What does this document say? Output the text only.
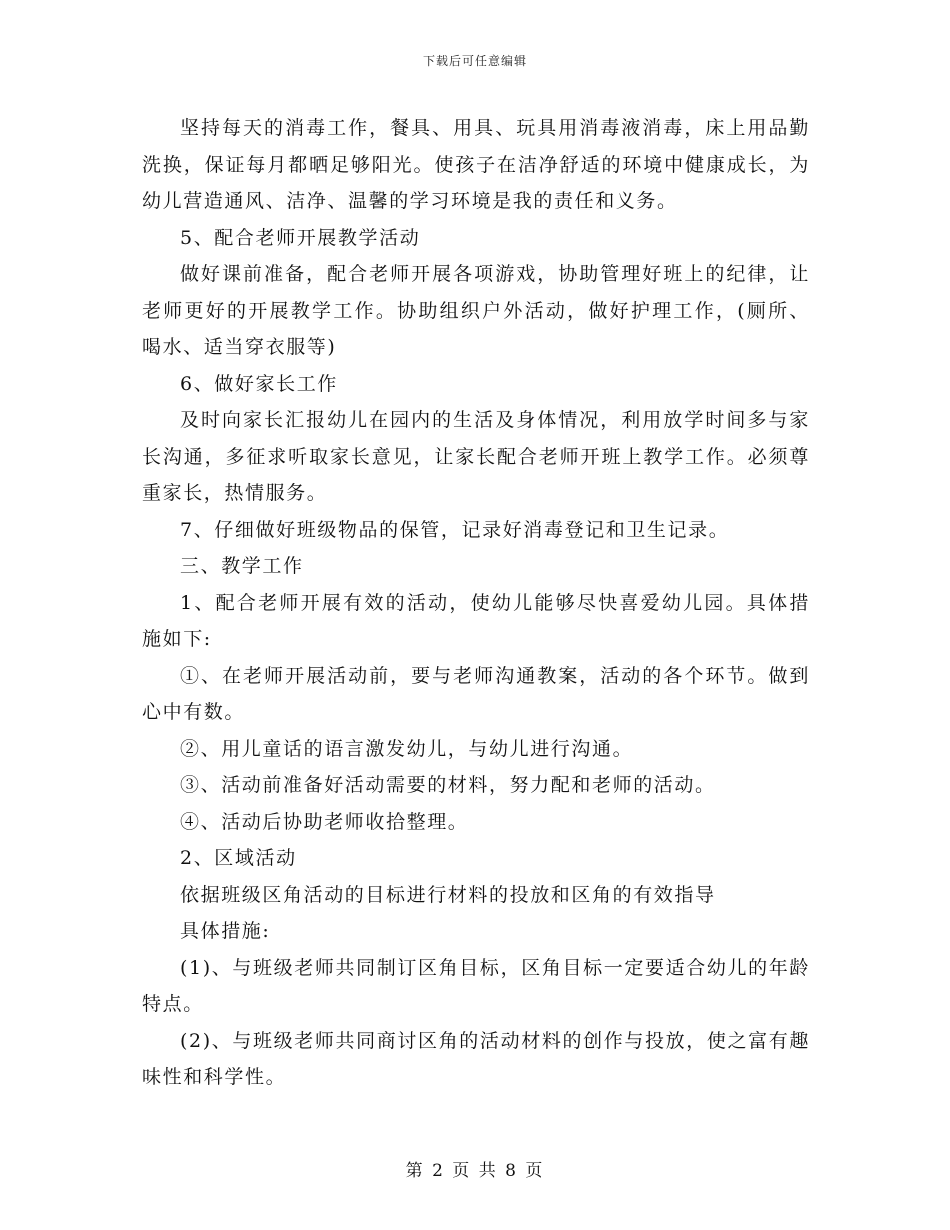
下载后可任意编辑

坚持每天的消毒工作，餐具、用具、玩具用消毒液消毒，床上用品勤洗换，保证每月都晒足够阳光。使孩子在洁净舒适的环境中健康成长，为幼儿营造通风、洁净、温馨的学习环境是我的责任和义务。

5、配合老师开展教学活动

做好课前准备，配合老师开展各项游戏，协助管理好班上的纪律，让老师更好的开展教学工作。协助组织户外活动，做好护理工作，(厕所、喝水、适当穿衣服等)

6、做好家长工作

及时向家长汇报幼儿在园内的生活及身体情况，利用放学时间多与家长沟通，多征求听取家长意见，让家长配合老师开班上教学工作。必须尊重家长，热情服务。

7、仔细做好班级物品的保管，记录好消毒登记和卫生记录。

三、教学工作

1、配合老师开展有效的活动，使幼儿能够尽快喜爱幼儿园。具体措施如下:

①、在老师开展活动前，要与老师沟通教案，活动的各个环节。做到心中有数。

②、用儿童话的语言激发幼儿，与幼儿进行沟通。

③、活动前准备好活动需要的材料，努力配和老师的活动。

④、活动后协助老师收拾整理。

2、区域活动

依据班级区角活动的目标进行材料的投放和区角的有效指导

具体措施:

(1)、与班级老师共同制订区角目标，区角目标一定要适合幼儿的年龄特点。

(2)、与班级老师共同商讨区角的活动材料的创作与投放，使之富有趣味性和科学性。

第 2 页 共 8 页
